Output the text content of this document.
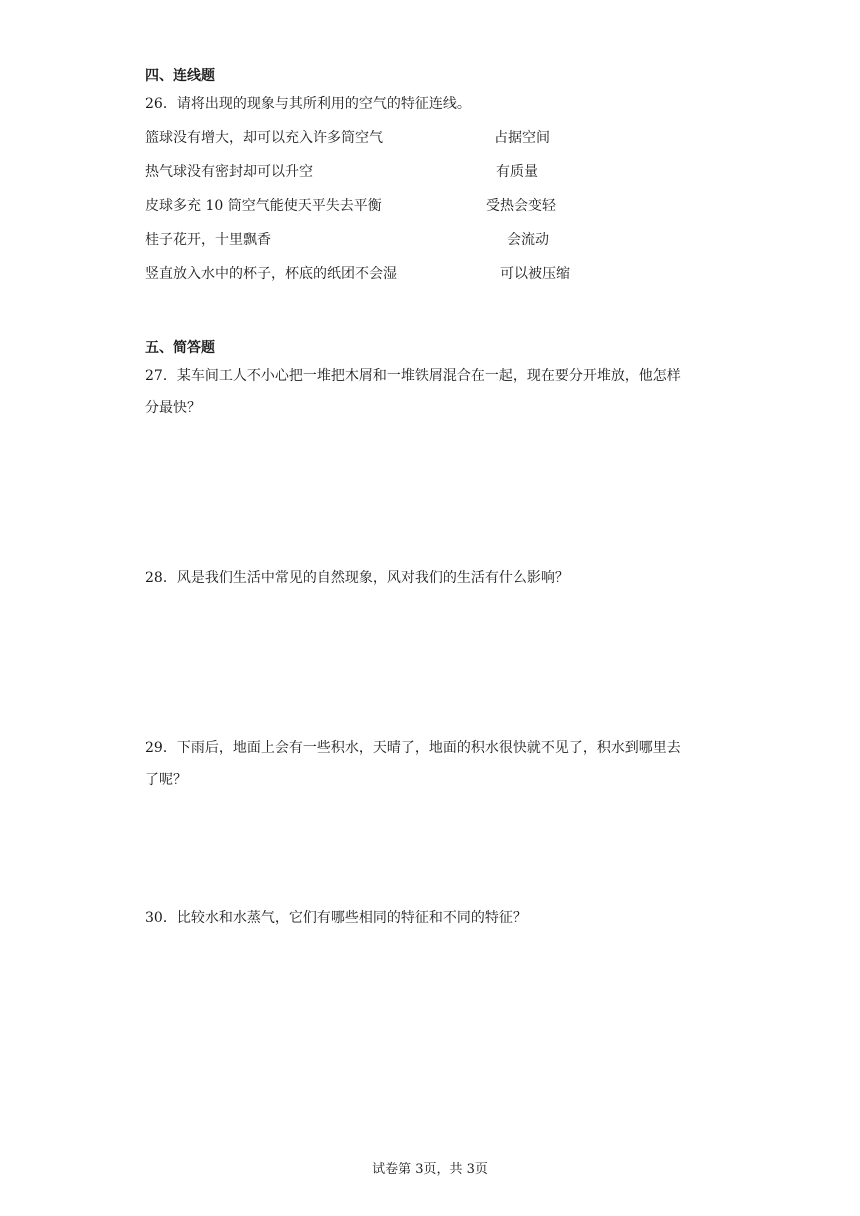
四、连线题
26．请将出现的现象与其所利用的空气的特征连线。
篮球没有增大，却可以充入许多筒空气	占据空间
热气球没有密封却可以升空	有质量
皮球多充 10 筒空气能使天平失去平衡	受热会变轻
桂子花开，十里飘香	会流动
竖直放入水中的杯子，杯底的纸团不会湿	可以被压缩
五、简答题
27．某车间工人不小心把一堆把木屑和一堆铁屑混合在一起，现在要分开堆放，他怎样
分最快？
28．风是我们生活中常见的自然现象，风对我们的生活有什么影响？
29．下雨后，地面上会有一些积水，天晴了，地面的积水很快就不见了，积水到哪里去
了呢？
30．比较水和水蒸气，它们有哪些相同的特征和不同的特征？
试卷第 3页，共 3页
